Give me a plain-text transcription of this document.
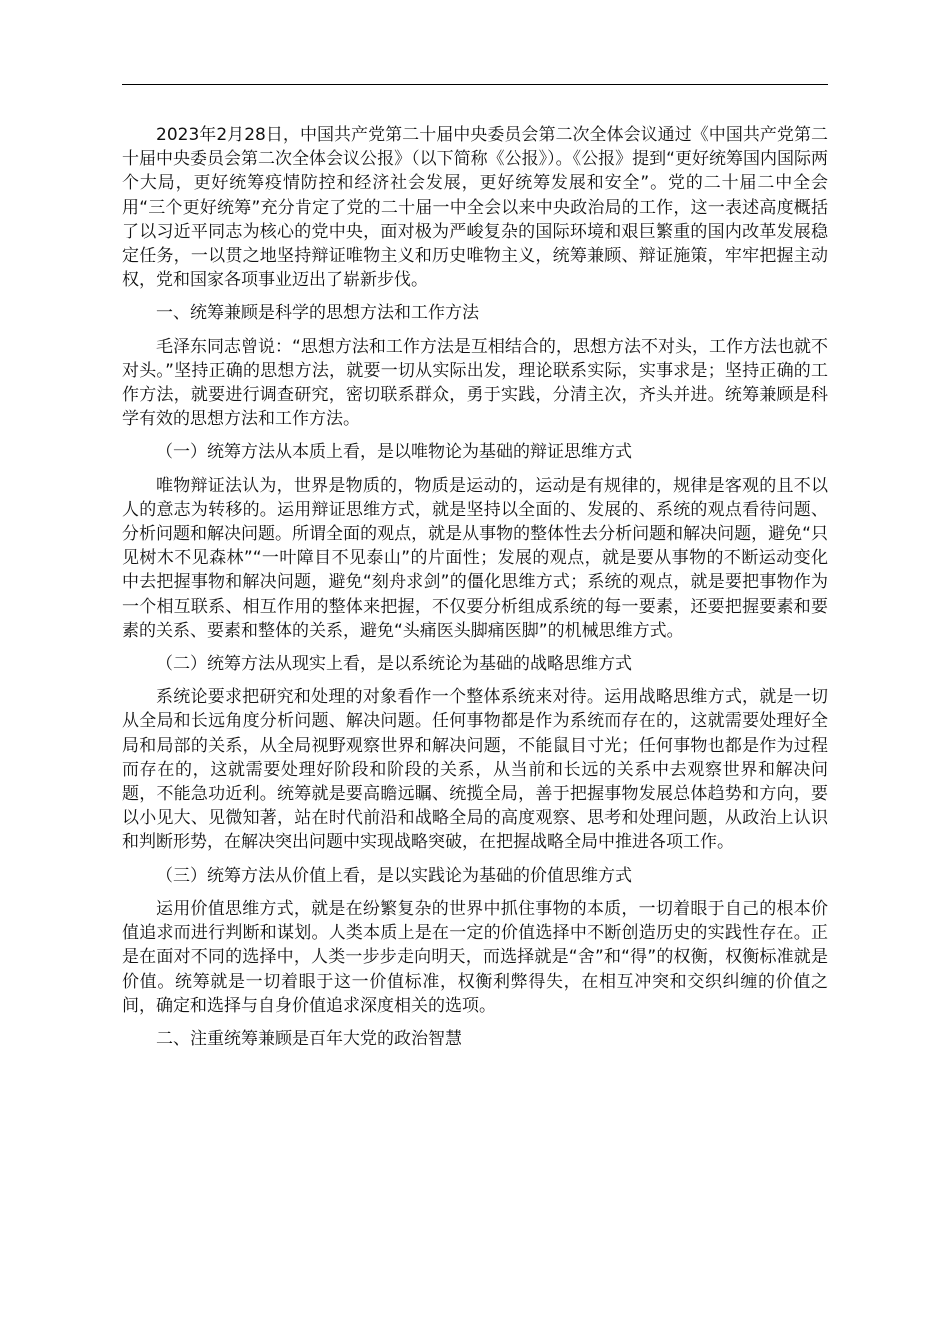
2023年2月28日，中国共产党第二十届中央委员会第二次全体会议通过《中国共产党第二十届中央委员会第二次全体会议公报》（以下简称《公报》）。《公报》提到“更好统筹国内国际两个大局，更好统筹疫情防控和经济社会发展，更好统筹发展和安全”。党的二十届二中全会用“三个更好统筹”充分肯定了党的二十届一中全会以来中央政治局的工作，这一表述高度概括了以习近平同志为核心的党中央，面对极为严峻复杂的国际环境和艰巨繁重的国内改革发展稳定任务，一以贯之地坚持辩证唯物主义和历史唯物主义，统筹兼顾、辩证施策，牢牢把握主动权，党和国家各项事业迈出了崭新步伐。

一、统筹兼顾是科学的思想方法和工作方法

毛泽东同志曾说：“思想方法和工作方法是互相结合的，思想方法不对头，工作方法也就不对头。”坚持正确的思想方法，就要一切从实际出发，理论联系实际，实事求是；坚持正确的工作方法，就要进行调查研究，密切联系群众，勇于实践，分清主次，齐头并进。统筹兼顾是科学有效的思想方法和工作方法。

（一）统筹方法从本质上看，是以唯物论为基础的辩证思维方式

唯物辩证法认为，世界是物质的，物质是运动的，运动是有规律的，规律是客观的且不以人的意志为转移的。运用辩证思维方式，就是坚持以全面的、发展的、系统的观点看待问题、分析问题和解决问题。所谓全面的观点，就是从事物的整体性去分析问题和解决问题，避免“只见树木不见森林”“一叶障目不见泰山”的片面性；发展的观点，就是要从事物的不断运动变化中去把握事物和解决问题，避免“刻舟求剑”的僵化思维方式；系统的观点，就是要把事物作为一个相互联系、相互作用的整体来把握，不仅要分析组成系统的每一要素，还要把握要素和要素的关系、要素和整体的关系，避免“头痛医头脚痛医脚”的机械思维方式。

（二）统筹方法从现实上看，是以系统论为基础的战略思维方式

系统论要求把研究和处理的对象看作一个整体系统来对待。运用战略思维方式，就是一切从全局和长远角度分析问题、解决问题。任何事物都是作为系统而存在的，这就需要处理好全局和局部的关系，从全局视野观察世界和解决问题，不能鼠目寸光；任何事物也都是作为过程而存在的，这就需要处理好阶段和阶段的关系，从当前和长远的关系中去观察世界和解决问题，不能急功近利。统筹就是要高瞻远瞩、统揽全局，善于把握事物发展总体趋势和方向，要以小见大、见微知著，站在时代前沿和战略全局的高度观察、思考和处理问题，从政治上认识和判断形势，在解决突出问题中实现战略突破，在把握战略全局中推进各项工作。

（三）统筹方法从价值上看，是以实践论为基础的价值思维方式

运用价值思维方式，就是在纷繁复杂的世界中抓住事物的本质，一切着眼于自己的根本价值追求而进行判断和谋划。人类本质上是在一定的价值选择中不断创造历史的实践性存在。正是在面对不同的选择中，人类一步步走向明天，而选择就是“舍”和“得”的权衡，权衡标准就是价值。统筹就是一切着眼于这一价值标准，权衡利弊得失，在相互冲突和交织纠缠的价值之间，确定和选择与自身价值追求深度相关的选项。

二、注重统筹兼顾是百年大党的政治智慧
